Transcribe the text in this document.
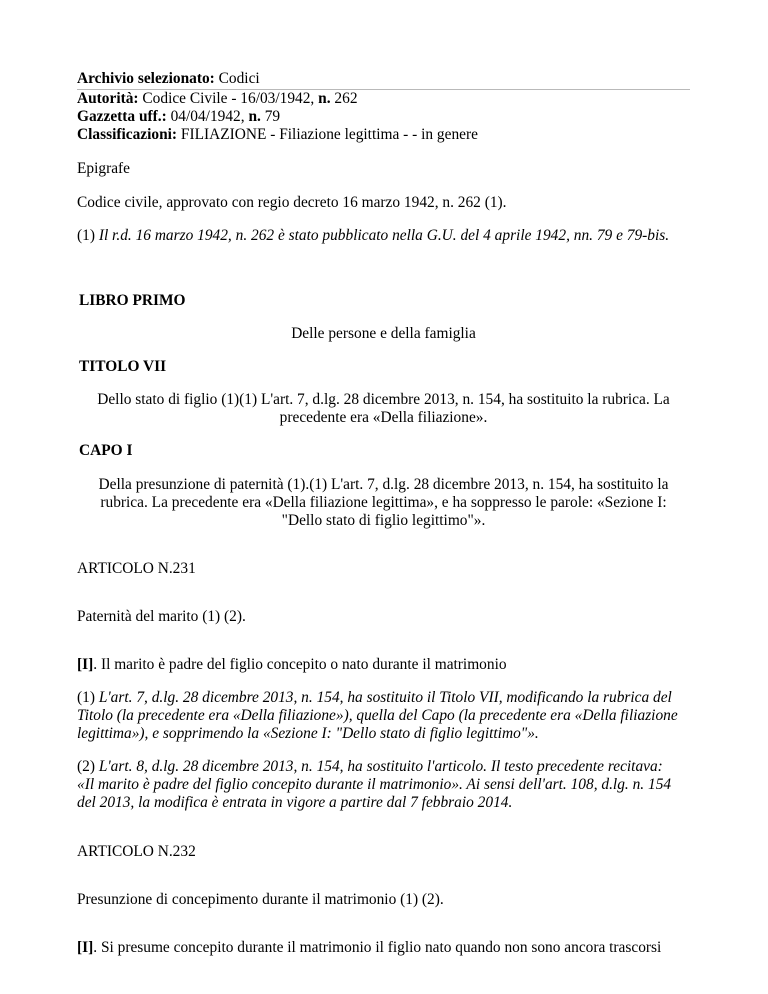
Archivio selezionato: Codici
Autorità: Codice Civile - 16/03/1942, n. 262
Gazzetta uff.: 04/04/1942, n. 79
Classificazioni: FILIAZIONE - Filiazione legittima - - in genere
Epigrafe
Codice civile, approvato con regio decreto 16 marzo 1942, n. 262 (1).
(1) Il r.d. 16 marzo 1942, n. 262 è stato pubblicato nella G.U. del 4 aprile 1942, nn. 79 e 79-bis.
LIBRO PRIMO
Delle persone e della famiglia
TITOLO VII
Dello stato di figlio (1)(1) L'art. 7, d.lg. 28 dicembre 2013, n. 154, ha sostituito la rubrica. La
precedente era «Della filiazione».
CAPO I
Della presunzione di paternità (1).(1) L'art. 7, d.lg. 28 dicembre 2013, n. 154, ha sostituito la
rubrica. La precedente era «Della filiazione legittima», e ha soppresso le parole: «Sezione I:
"Dello stato di figlio legittimo"».
ARTICOLO N.231
Paternità del marito (1) (2).
[I]. Il marito è padre del figlio concepito o nato durante il matrimonio
(1) L'art. 7, d.lg. 28 dicembre 2013, n. 154, ha sostituito il Titolo VII, modificando la rubrica del
Titolo (la precedente era «Della filiazione»), quella del Capo (la precedente era «Della filiazione
legittima»), e sopprimendo la «Sezione I: "Dello stato di figlio legittimo"».
(2) L'art. 8, d.lg. 28 dicembre 2013, n. 154, ha sostituito l'articolo. Il testo precedente recitava:
«Il marito è padre del figlio concepito durante il matrimonio». Ai sensi dell'art. 108, d.lg. n. 154
del 2013, la modifica è entrata in vigore a partire dal 7 febbraio 2014.
ARTICOLO N.232
Presunzione di concepimento durante il matrimonio (1) (2).
[I]. Si presume concepito durante il matrimonio il figlio nato quando non sono ancora trascorsi
